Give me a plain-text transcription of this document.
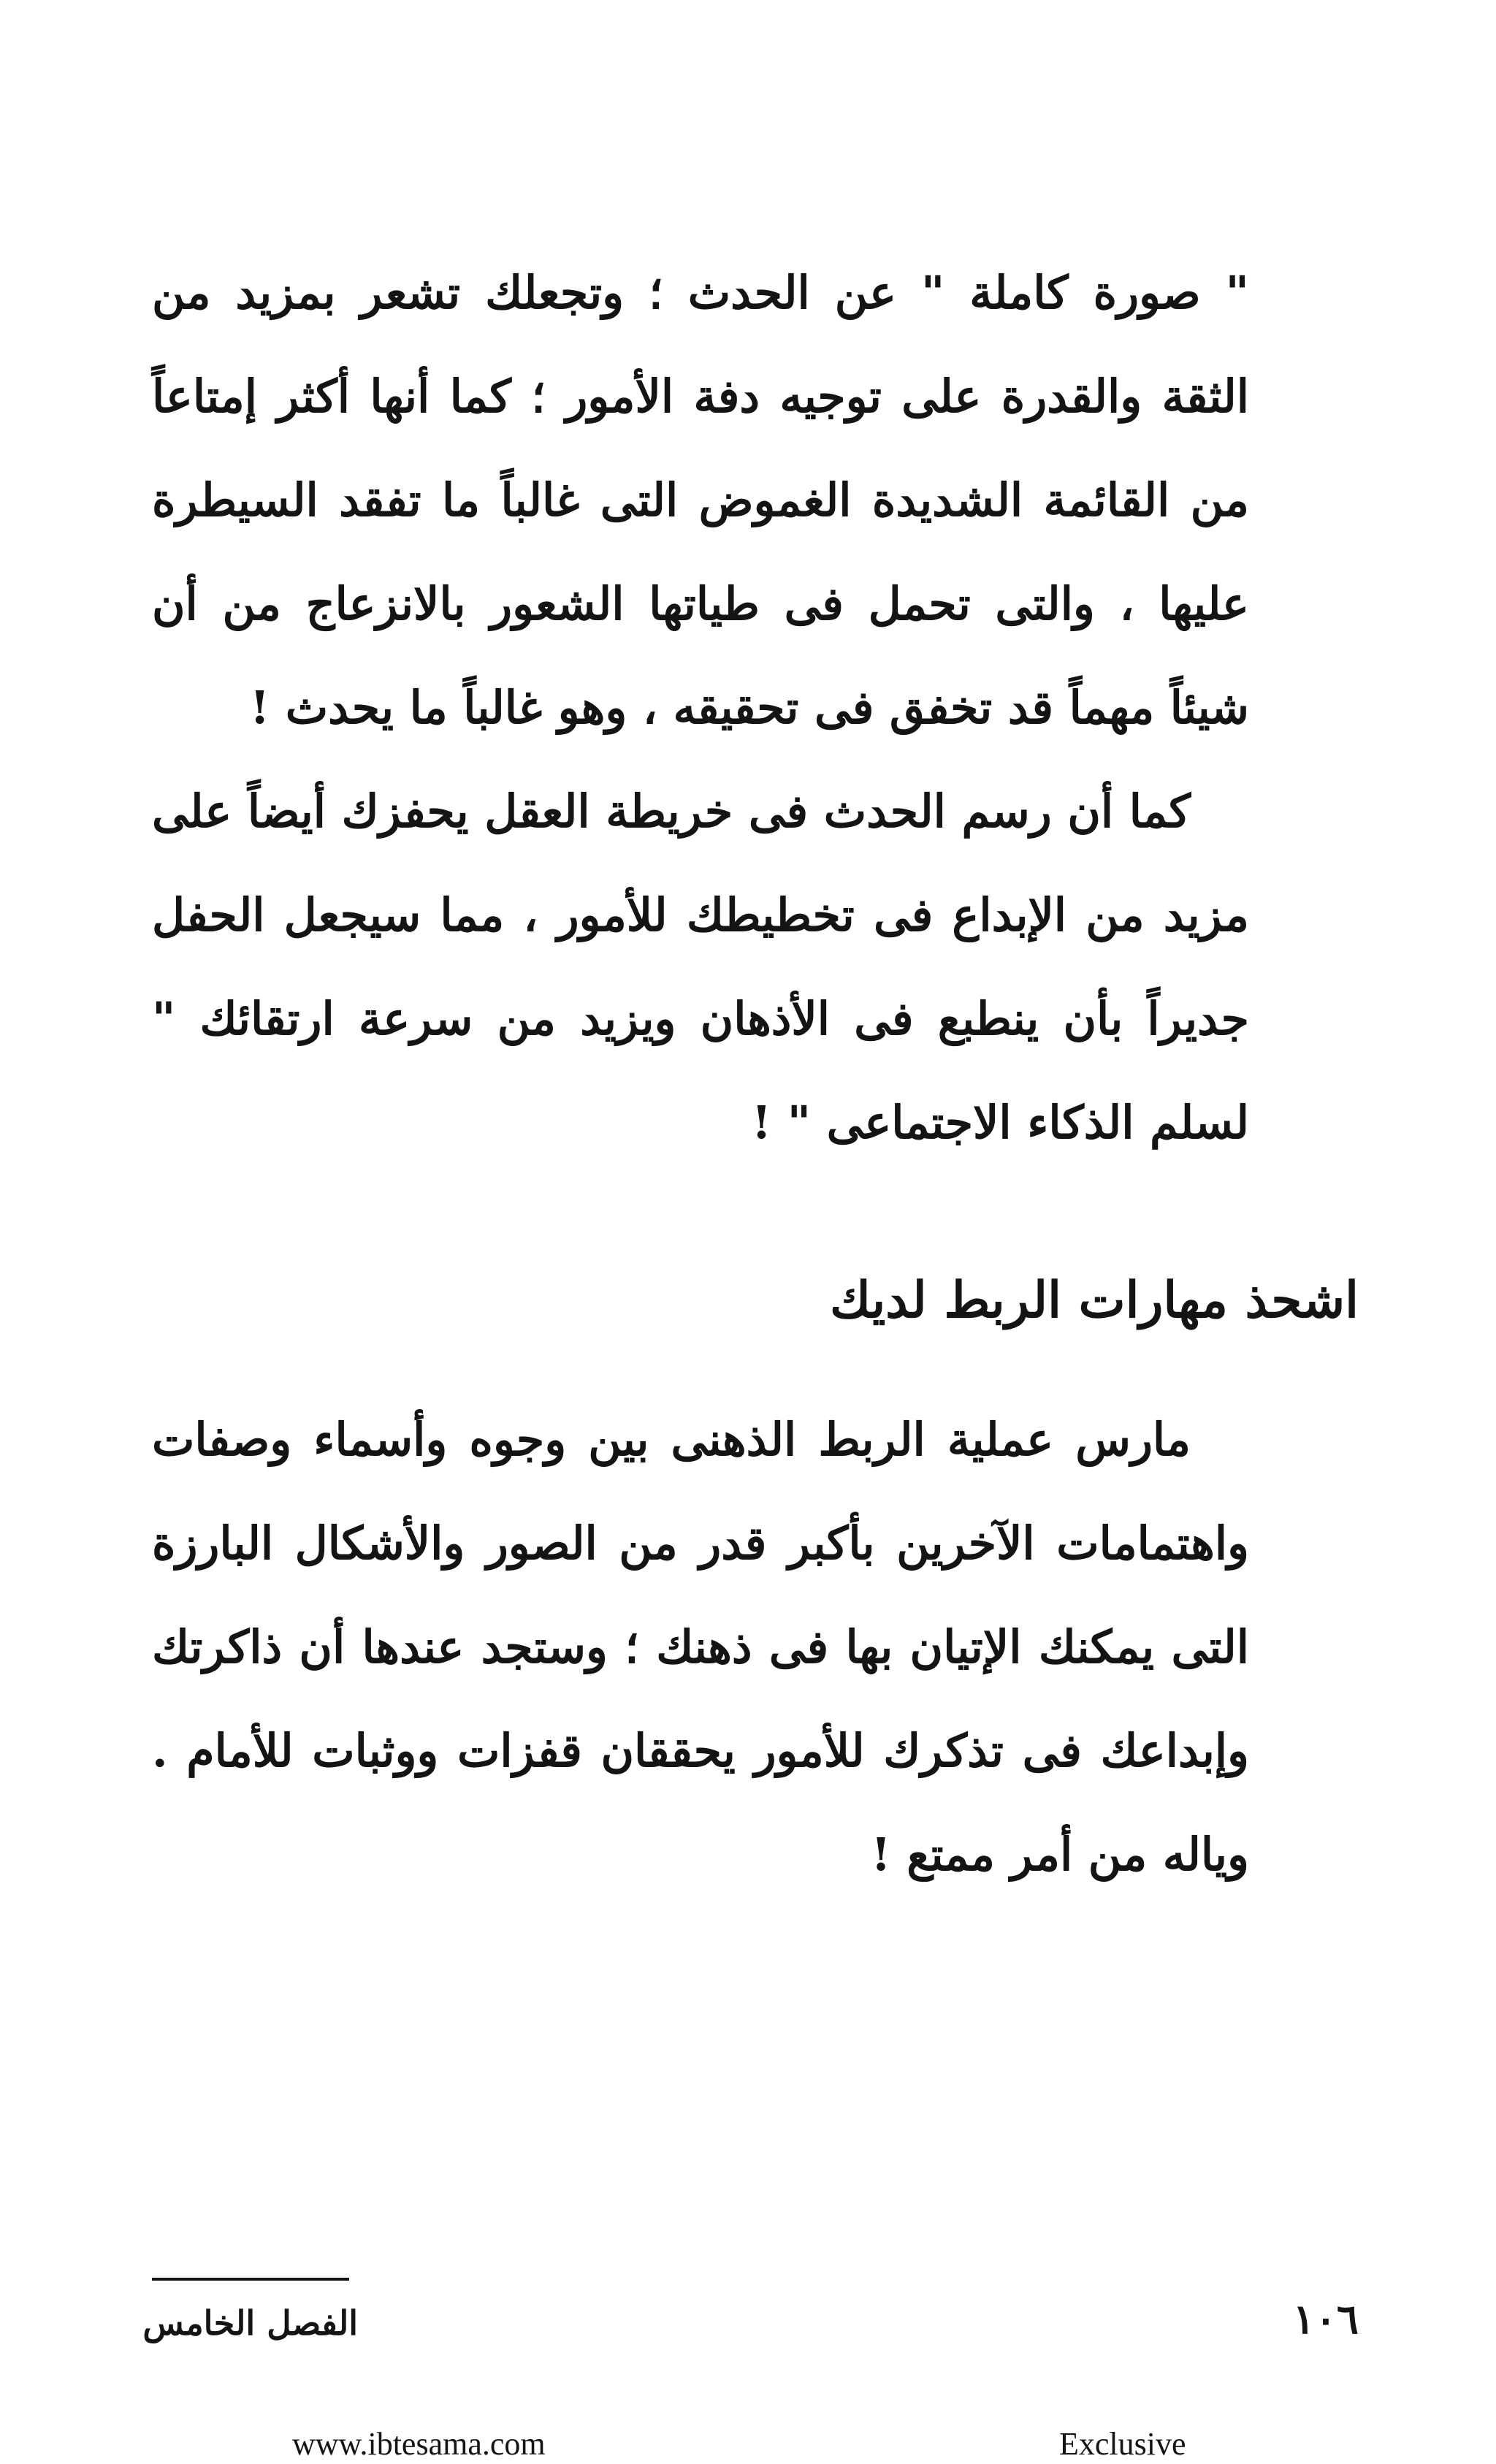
" صورة كاملة " عن الحدث ؛ وتجعلك تشعر بمزيد من الثقة والقدرة على توجيه دفة الأمور ؛ كما أنها أكثر إمتاعاً من القائمة الشديدة الغموض التى غالباً ما تفقد السيطرة عليها ، والتى تحمل فى طياتها الشعور بالانزعاج من أن شيئاً مهماً قد تخفق فى تحقيقه ، وهو غالباً ما يحدث !

كما أن رسم الحدث فى خريطة العقل يحفزك أيضاً على مزيد من الإبداع فى تخطيطك للأمور ، مما سيجعل الحفل جديراً بأن ينطبع فى الأذهان ويزيد من سرعة ارتقائك " لسلم الذكاء الاجتماعى " !

اشحذ مهارات الربط لديك

مارس عملية الربط الذهنى بين وجوه وأسماء وصفات واهتمامات الآخرين بأكبر قدر من الصور والأشكال البارزة التى يمكنك الإتيان بها فى ذهنك ؛ وستجد عندها أن ذاكرتك وإبداعك فى تذكرك للأمور يحققان قفزات ووثبات للأمام . وياله من أمر ممتع !

الفصل الخامس	١٠٦
www.ibtesama.com	Exclusive
